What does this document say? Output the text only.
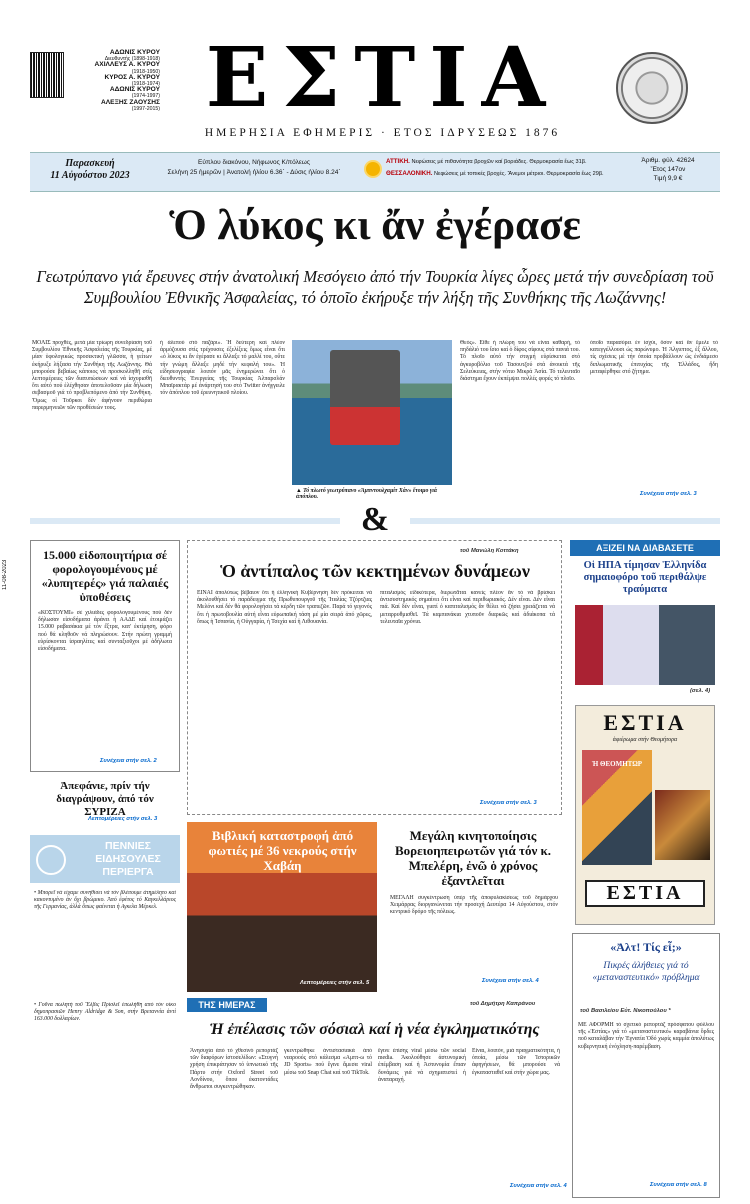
ΑΔΩΝΙΣ ΚΥΡΟΥ
Διευθυντής (1898-1918)
ΑΧΙΛΛΕΥΣ Α. ΚΥΡΟΥ
(1918-1950)
ΚΥΡΟΣ Α. ΚΥΡΟΥ
(1918-1974)
ΑΔΩΝΙΣ ΚΥΡΟΥ
(1974-1997)
ΑΛΕΞΗΣ ΖΑΟΥΣΗΣ
(1997-2015) ΕΣΤΙΑ
ΗΜΕΡΗΣΙΑ ΕΦΗΜΕΡΙΣ · ΕΤΟΣ ΙΔΡΥΣΕΩΣ 1876
11-08-2023
Παρασκευή
11 Αὐγούστου 2023
Εὐπλου διακόνου, Νήφωνος Κ/πόλεως
Σελήνη 25 ἡμερῶν | Ἀνατολή ἡλίου 6.36΄ - Δύσις ἡλίου 8.24΄
ΑΤΤΙΚΗ. Νεφώσεις μέ πιθανότητα βροχῶν καί βοριάδες. Θερμοκρασία ἕως 31β.
ΘΕΣΣΑΛΟΝΙΚΗ. Νεφώσεις μέ τοπικές βροχές. Ἄνεμοι μέτριοι. Θερμοκρασία ἕως 29β.
Ἀριθμ. φύλ. 42624
Ἔτος 147ον
Τιμή 9,9 €
Ὁ λύκος κι ἄν ἐγέρασε
Γεωτρύπανο γιά ἔρευνες στήν ἀνατολική Μεσόγειο ἀπό τήν Τουρκία λίγες ὧρες μετά τήν συνεδρίαση τοῦ Συμβουλίου Ἐθνικῆς Ἀσφαλείας, τό ὁποῖο ἐκήρυξε τήν λήξη τῆς Συνθήκης τῆς Λωζάννης!
ΜΟΛΙΣ προχθές, μετά μία τρίωρη συνεδρίαση τοῦ Συμβουλίου Ἐθνικῆς Ἀσφαλείας τῆς Τουρκίας, μέ μίαν ὑφολογικώς προσεκτική γλῶσσα, ἡ γείτων ἐκήρυξε λήξασα τήν Συνθήκη τῆς Λωζάννης. Θά μπορούσε βεβαίως κάποιος νά προσκολληθῆ στίς λεπτομέρειες τῶν διατυπώσεων καί νά ἰσχυρισθῆ ὅτι αὐτό πού ἐλέχθησαν ἀποτελοῦσαν μία δήλωση σεβασμοῦ γιά τό προβλεπόμενο ἀπό τήν Συνθήκη. Ὅμως οἱ Τοῦρκοι δέν ἀφήνουν περιθώρια παρερμηνειῶν τῶν προθέσεών τους.
ἡ ἀλεπού στό παζάρι». Ἡ δεύτερη καί πλέον ἀρμόζουσα στίς τρέχουσες ἐξελίξεις ὅμως εἶναι ὅτι «ὁ λύκος κι ἄν ἐγέρασε κι ἄλλαξε τό μαλλί του, οὔτε τήν γνώμη ἄλλαξε μηδέ τήν κεφαλή του». Ἡ εἰδησεογραφία λοιπόν μᾶς ἐνημερώνει ὅτι ὁ διευθυντής Ἐνεργείας τῆς Τουρκίας Ἀλπαρσλάν Μπαϊρακτάρ μέ ἀνάρτησή του στό Twitter ἀνήγγειλε τόν ἀπόπλου τοῦ ἐρευνητικοῦ πλοίου.
▲ Τό πλωτό γεωτρύπανο «Ἀμπντουλχαμίτ Χάν» ἔτοιμο γιά ἀπόπλου.
Θεός». Εἶθε ἡ πλώρη του νά εἶναι καθαρή, τό πηδάλιό του ἴσιο καί ὁ δίφος σίφους στά πανιά του. Τό πλοῖο αὐτό τήν στιγμή εὑρίσκεται στό ἀγκυροβόλιο τοῦ Τασουτζού στά ἀνοικτά τῆς Σελεύκειας, στήν νότιο Μικρά Ἀσία. Τό τελευταῖο διάστημα ἔχουν ἐκπέμψει πολλές φορές τό πλοῖο.
ὁποῖο παρασύρει ἐν ἰσχύι, ὅσον καί ἄν ἔμελε τό κατεγγέλλουσι ὡς παρώνυμο. Ἡ Ἀλγυπτος, ἐξ ἄλλου, τίς σχέσεις μέ τήν ὁποία προβάλλουν ὡς ἐνδιάμεσο διπλωματικῆς ἐπιτυχίας τῆς Ἑλλάδος, ἤδη μεταφέρθηκε στό ζήτημα.
Συνέχεια στήν σελ. 3
&
15.000 εἰδοποιητήρια σέ φορολογουμένους μέ «λυπητερές» γιά παλαιές ὑποθέσεις
«ΚΟΣΤΟΥΜΙ» σέ χιλιάδες φορολογουμένους πού δέν δήλωσαν εἰσοδήματα ἀράνει ἡ ΑΑΔΕ καί ἐτοιμάζει 15.000 ραβασάκια μέ τόν ἔξτρα, κατ' ἐκτίμηση, φόρο πού θά κληθοῦν νά πληρώσουν. Στήν πρώτη γραμμή εὑρίσκονται ἰσραηλίτες καί συνταξιοῦχοι μέ ἀδήλωτα εἰσοδήματα.
Συνέχεια στήν σελ. 2
Ἀπεφάνιε, πρίν τήν διαγράψουν, ἀπό τόν ΣΥΡΙΖΑ
Λεπτομέρειες στήν σελ. 3
ΠΕΝΝΙΕΣ ΕΙΔΗΣΟΥΛΕΣ ΠΕΡΙΕΡΓΑ
• Μπορεῖ νά εἶχαμε συνηθίσει νά τόν βλέπουμε ἀτημέλητο καί κακοντυμένο ἀν ὄχι βρώμικο. Ἀπό ἐφέτος τό Καγκελλάριος τῆς Γερμανίας, ἀλλά ὅπως φαίνεται ἡ Αγκελα Μέρκελ.
• Γοῦνα πωλητή τοῦ Ἔλβις Πρίσλεϊ ἐπωλήθη από τόν οἶκο δημοπρασιῶν Henry Aldridge & Son, στήν Βρεταννία ἀντί 163.000 δολλαρίων.
τοῦ Μανώλη Κοττάκη
Ὁ ἀντίπαλος τῶν κεκτημένων δυνάμεων
ΕΙΝΑΙ ἀπολύτως βέβαιον ὅτι ἡ ἑλληνική Κυβέρνηση δέν πρόκειται νά ἀκολουθήσει τό παράδειγμα τῆς Πρωθυπουργοῦ τῆς Ἰταλίας Τζόρτζιας Μελόνι καί δέν θά φορολογήσει τά κέρδη τῶν τραπεζῶν. Παρά τό γεγονός ὅτι ἡ πρωτοβουλία αὐτή εἶναι εὐρωπαϊκή τάση μέ μία σειρά ἀπό χῶρες, ὅπως ἡ Ἰσπανία, ἡ Οὐγγαρία, ἡ Τσεχία καί ἡ Λιθουανία.
πιταλισμός εἰδικότερα, διερωτᾶται κανείς πλέον ἄν τό νά βρίσκει ἀντισυστημικός σημαίνει ὅτι εἶναι καί περιθωριακός. Δέν εἶναι. Δέν εἶναι πιά. Καί δέν εἶναι, γιατί ὁ καπιταλισμός ἄν θέλει νά ζήσει χρειάζεται νά μεταρρυθμισθεῖ. Τά καμπανάκια χτυποῦν διαρκῶς καί ἀδιάκοπα τά τελευταῖα χρόνια.
Συνέχεια στήν σελ. 3
Βιβλική καταστροφή ἀπό φωτιές μέ 36 νεκρούς στήν Χαβάη
Λεπτομέρειες στήν σελ. 5
Μεγάλη κινητοποίησις Βορειοηπειρωτῶν γιά τόν κ. Μπελέρη, ἐνῶ ὁ χρόνος ἐξαντλεῖται
ΜΕΓΑΛΗ συγκέντρωση ὑπέρ τῆς ἀποφυλακίσεως τοῦ δημάρχου Χειμάρρας διοργανώνεται τήν προσεχή Δευτέρα 14 Αὐγούστου, στόν κεντρικό δρόμο τῆς πόλεως.
Συνέχεια στήν σελ. 4
ΤΗΣ ΗΜΕΡΑΣ	τοῦ Δημήτρη Καπράνου
Ἡ ἐπέλασις τῶν σόσιαλ καί ἡ νέα ἐγκληματικότης
Ἀνησυχία ἀπό τό χθεσινό ρεπορτάζ τῶν διαφόρων ἰστοσελίδων: «Στυγνή χρήση ἐπικράτησαν τό ὑπνωτικό τῆς Πάρτυ στήν Oxford Street τοῦ Λονδίνου, ὅπου ἑκατοντάδες ἄνθρωποι συγκεντρώθηκαν.
γκεντρώθηκε ἀντιστασιακά ἀπό νεαροούς στό κάλεσμα «Αμπτ-ω τό JD Sports» πού ἔγινε ἄμεσα viral μέσω τοῦ Snap Chat καί τοῦ TikTok.
ἔγινε ἐπίσης viral μέσω τῶν social media. Ἀκολούθησε ἀστυνομική ἐπέμβαση καί ἡ Ἀστυνομία ἔπιαν δυνάμεις γιά νά σχηματιστεί ἡ ἀναταραχή.
Εἶναι, λοιπόν, μιά πραγματικότητα, ἡ ὁποία, μέσω τῶν Ἰστορικῶν ἀφηγήσεων, θά μπορούσε νά ἐγκατασταθεῖ καί στήν χώρα μας.
Συνέχεια στήν σελ. 4
ΑΞΙΖΕΙ ΝΑ ΔΙΑΒΑΣΕΤΕ
Οἱ ΗΠΑ τίμησαν Ἑλληνίδα σημαιοφόρο τοῦ περιθάλψε τραύματα
(σελ. 4)
ΕΣΤΙΑ
ἀφιέρωμα στήν Θεομήτορα
Ἡ ΘΕΟΜΗΤΩΡ
ΕΣΤΙΑ
«Ἀλτ! Τίς εἶ;»
Πικρές ἀλήθειες γιά τό «μεταναστευτικό» πρόβλημα
τοῦ Βασιλείου Εὐτ. Νικοπούλου *
ΜΕ ΑΦΟΡΜΗ τό σχετικό ρεπορτάζ πρόσφατου φύλλου τῆς «Ἑστίας» γιά τό «μεταναστευτικό» καραβάνια ὅρδες ποῦ καταλάβαν τήν Ἐγνατία Ὁδό χωρίς καμμία ἀπολύτως κυβερνητική ἐνόχληση-παρέμβαση.
Συνέχεια στήν σελ. 8
